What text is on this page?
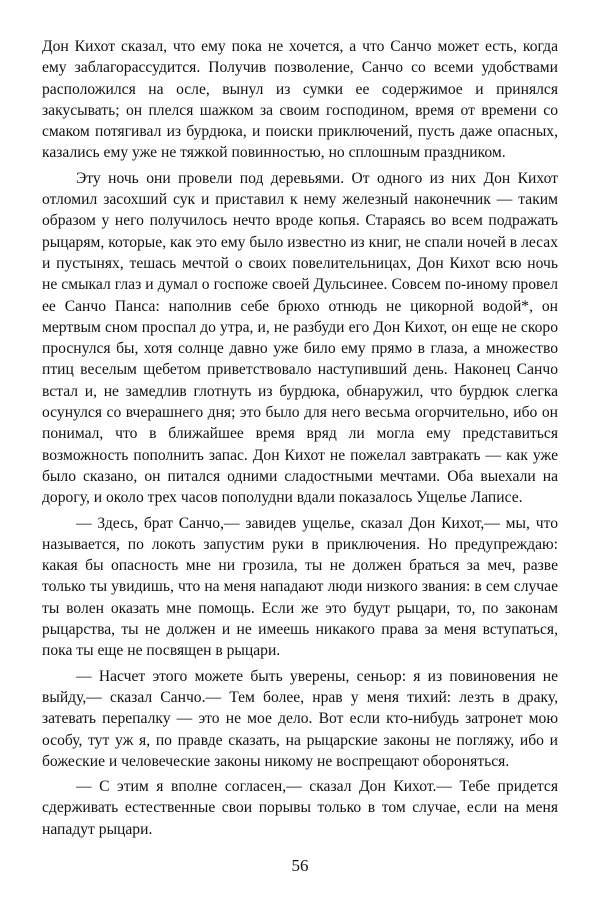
Дон Кихот сказал, что ему пока не хочется, а что Санчо может есть, когда ему заблагорассудится. Получив позволение, Санчо со всеми удобствами расположился на осле, вынул из сумки ее содержимое и принялся закусывать; он плелся шажком за своим господином, время от времени со смаком потягивал из бурдюка, и поиски приключений, пусть даже опасных, казались ему уже не тяжкой повинностью, но сплошным праздником.

Эту ночь они провели под деревьями. От одного из них Дон Кихот отломил засохший сук и приставил к нему железный наконечник — таким образом у него получилось нечто вроде копья. Стараясь во всем подражать рыцарям, которые, как это ему было известно из книг, не спали ночей в лесах и пустынях, тешась мечтой о своих повелительницах, Дон Кихот всю ночь не смыкал глаз и думал о госпоже своей Дульсинее. Совсем по-иному провел ее Санчо Панса: наполнив себе брюхо отнюдь не цикорной водой*, он мертвым сном проспал до утра, и, не разбуди его Дон Кихот, он еще не скоро проснулся бы, хотя солнце давно уже било ему прямо в глаза, а множество птиц веселым щебетом приветствовало наступивший день. Наконец Санчо встал и, не замедлив глотнуть из бурдюка, обнаружил, что бурдюк слегка осунулся со вчерашнего дня; это было для него весьма огорчительно, ибо он понимал, что в ближайшее время вряд ли могла ему представиться возможность пополнить запас. Дон Кихот не пожелал завтракать — как уже было сказано, он питался одними сладостными мечтами. Оба выехали на дорогу, и около трех часов пополудни вдали показалось Ущелье Лаписе.

— Здесь, брат Санчо,— завидев ущелье, сказал Дон Кихот,— мы, что называется, по локоть запустим руки в приключения. Но предупреждаю: какая бы опасность мне ни грозила, ты не должен браться за меч, разве только ты увидишь, что на меня нападают люди низкого звания: в сем случае ты волен оказать мне помощь. Если же это будут рыцари, то, по законам рыцарства, ты не должен и не имеешь никакого права за меня вступаться, пока ты еще не посвящен в рыцари.

— Насчет этого можете быть уверены, сеньор: я из повиновения не выйду,— сказал Санчо.— Тем более, нрав у меня тихий: лезть в драку, затевать перепалку — это не мое дело. Вот если кто-нибудь затронет мою особу, тут уж я, по правде сказать, на рыцарские законы не погляжу, ибо и божеские и человеческие законы никому не воспрещают обороняться.

— С этим я вполне согласен,— сказал Дон Кихот.— Тебе придется сдерживать естественные свои порывы только в том случае, если на меня нападут рыцари.

56
